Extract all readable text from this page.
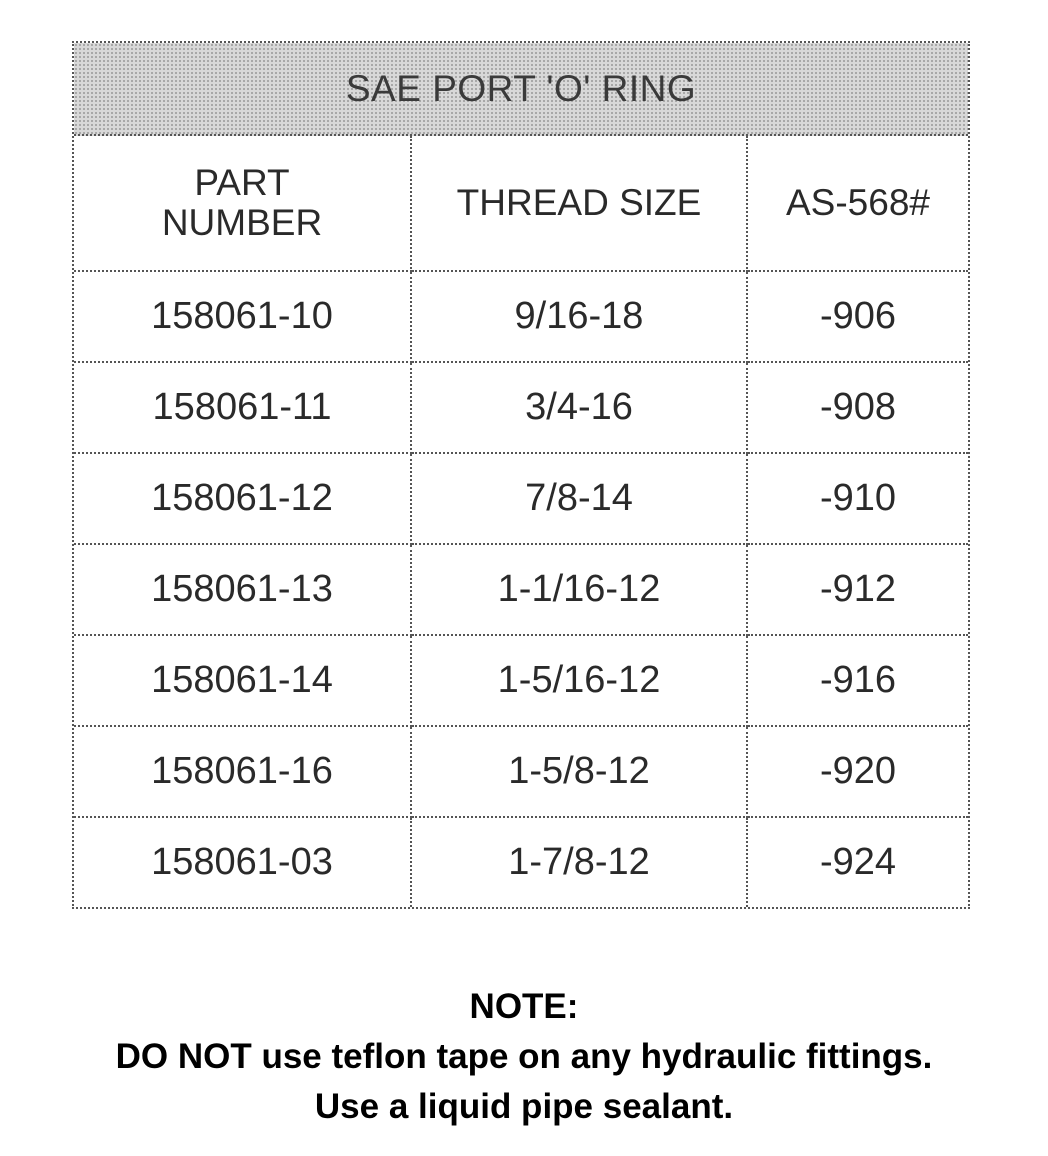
SAE PORT 'O' RING
PART
NUMBER	THREAD SIZE	AS-568#
158061-10	9/16-18	-906
158061-11	3/4-16	-908
158061-12	7/8-14	-910
158061-13	1-1/16-12	-912
158061-14	1-5/16-12	-916
158061-16	1-5/8-12	-920
158061-03	1-7/8-12	-924
NOTE:
DO NOT use teflon tape on any hydraulic fittings.
Use a liquid pipe sealant.
